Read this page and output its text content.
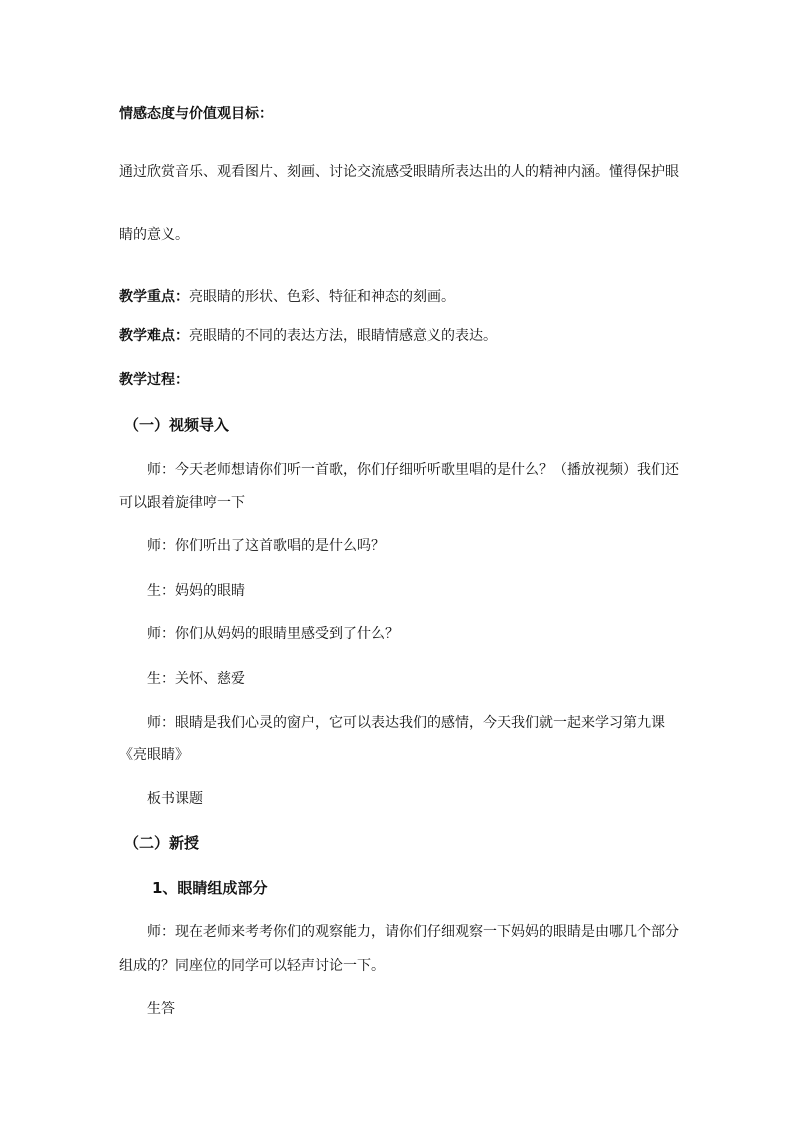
情感态度与价值观目标：
通过欣赏音乐、观看图片、刻画、讨论交流感受眼睛所表达出的人的精神内涵。懂得保护眼
睛的意义。
教学重点：亮眼睛的形状、色彩、特征和神态的刻画。
教学难点：亮眼睛的不同的表达方法，眼睛情感意义的表达。
教学过程：
（一）视频导入
师：今天老师想请你们听一首歌，你们仔细听听歌里唱的是什么？（播放视频）我们还
可以跟着旋律哼一下
师：你们听出了这首歌唱的是什么吗？
生：妈妈的眼睛
师：你们从妈妈的眼睛里感受到了什么？
生：关怀、慈爱
师：眼睛是我们心灵的窗户，它可以表达我们的感情，今天我们就一起来学习第九课
《亮眼睛》
板书课题
（二）新授
1、眼睛组成部分
师：现在老师来考考你们的观察能力，请你们仔细观察一下妈妈的眼睛是由哪几个部分
组成的？同座位的同学可以轻声讨论一下。
生答
